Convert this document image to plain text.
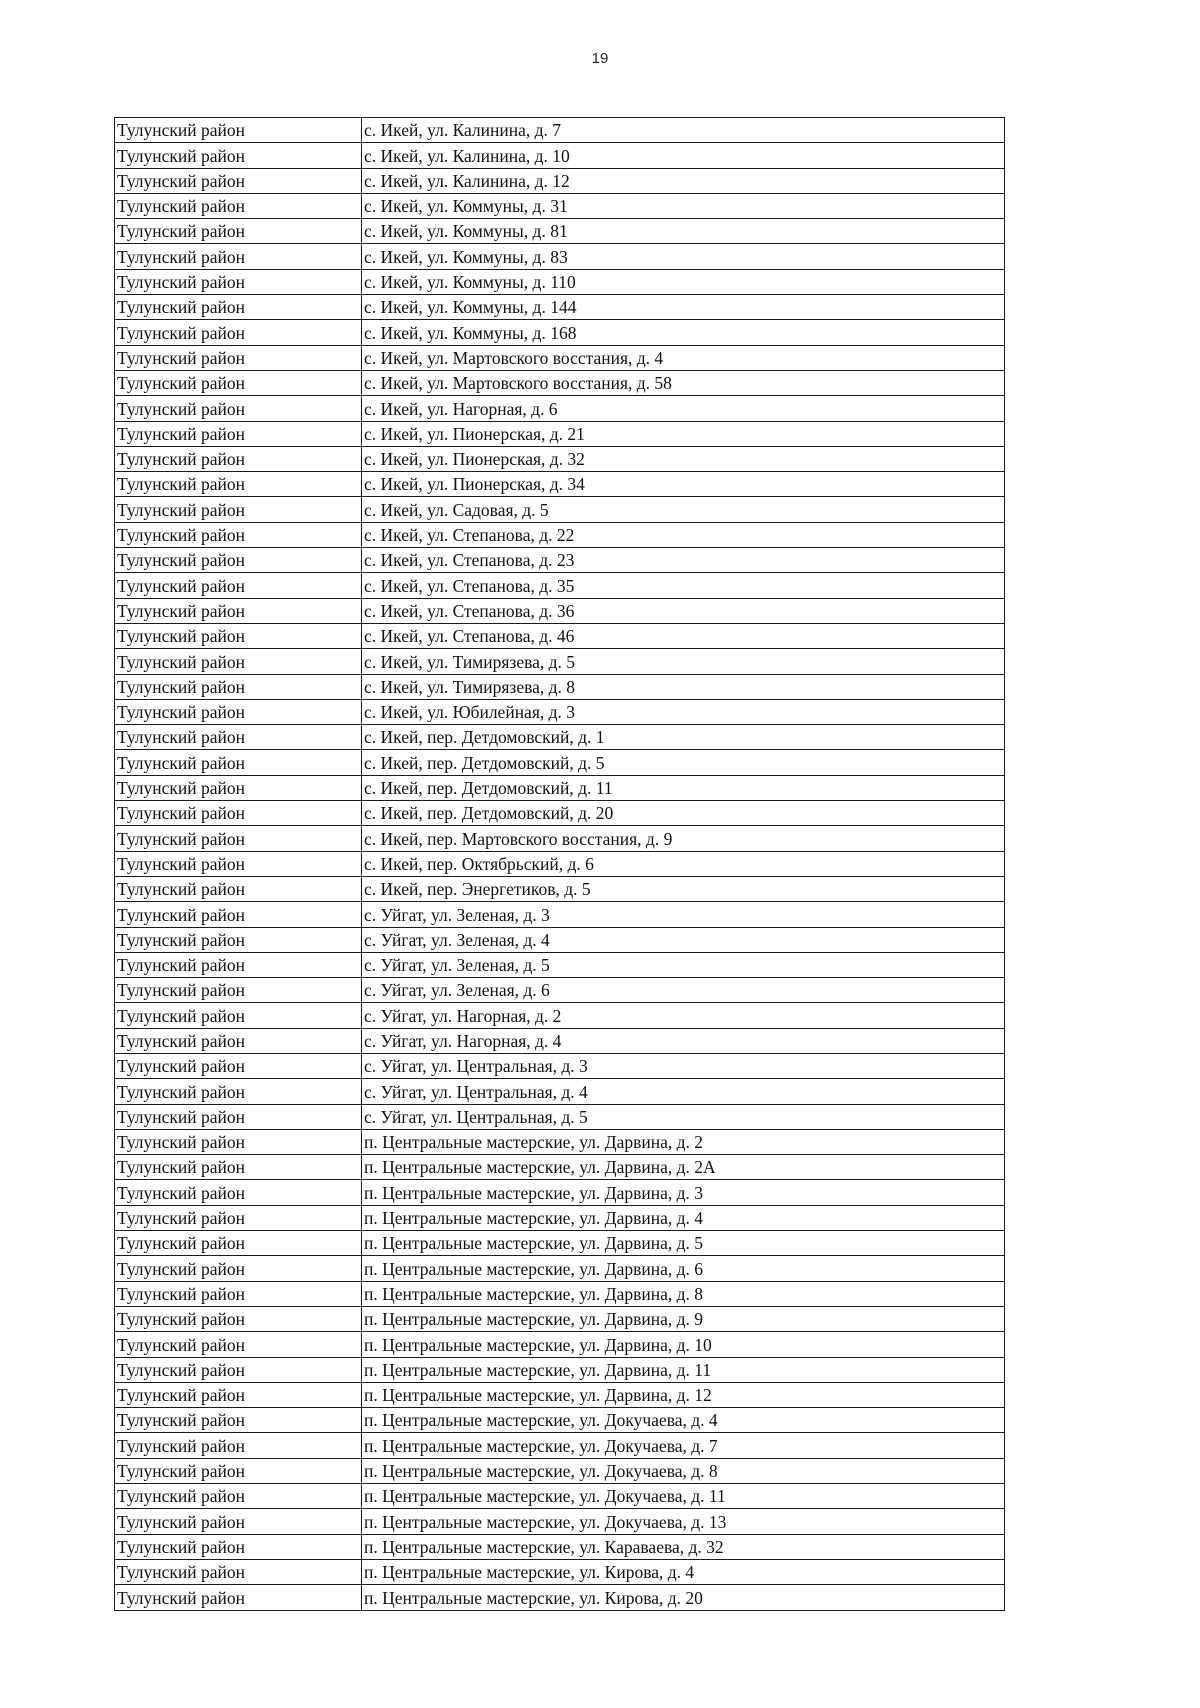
19
Тулунский район	с. Икей, ул. Калинина, д. 7
Тулунский район	с. Икей, ул. Калинина, д. 10
Тулунский район	с. Икей, ул. Калинина, д. 12
Тулунский район	с. Икей, ул. Коммуны, д. 31
Тулунский район	с. Икей, ул. Коммуны, д. 81
Тулунский район	с. Икей, ул. Коммуны, д. 83
Тулунский район	с. Икей, ул. Коммуны, д. 110
Тулунский район	с. Икей, ул. Коммуны, д. 144
Тулунский район	с. Икей, ул. Коммуны, д. 168
Тулунский район	с. Икей, ул. Мартовского восстания, д. 4
Тулунский район	с. Икей, ул. Мартовского восстания, д. 58
Тулунский район	с. Икей, ул. Нагорная, д. 6
Тулунский район	с. Икей, ул. Пионерская, д. 21
Тулунский район	с. Икей, ул. Пионерская, д. 32
Тулунский район	с. Икей, ул. Пионерская, д. 34
Тулунский район	с. Икей, ул. Садовая, д. 5
Тулунский район	с. Икей, ул. Степанова, д. 22
Тулунский район	с. Икей, ул. Степанова, д. 23
Тулунский район	с. Икей, ул. Степанова, д. 35
Тулунский район	с. Икей, ул. Степанова, д. 36
Тулунский район	с. Икей, ул. Степанова, д. 46
Тулунский район	с. Икей, ул. Тимирязева, д. 5
Тулунский район	с. Икей, ул. Тимирязева, д. 8
Тулунский район	с. Икей, ул. Юбилейная, д. 3
Тулунский район	с. Икей, пер. Детдомовский, д. 1
Тулунский район	с. Икей, пер. Детдомовский, д. 5
Тулунский район	с. Икей, пер. Детдомовский, д. 11
Тулунский район	с. Икей, пер. Детдомовский, д. 20
Тулунский район	с. Икей, пер. Мартовского восстания, д. 9
Тулунский район	с. Икей, пер. Октябрьский, д. 6
Тулунский район	с. Икей, пер. Энергетиков, д. 5
Тулунский район	с. Уйгат, ул. Зеленая, д. 3
Тулунский район	с. Уйгат, ул. Зеленая, д. 4
Тулунский район	с. Уйгат, ул. Зеленая, д. 5
Тулунский район	с. Уйгат, ул. Зеленая, д. 6
Тулунский район	с. Уйгат, ул. Нагорная, д. 2
Тулунский район	с. Уйгат, ул. Нагорная, д. 4
Тулунский район	с. Уйгат, ул. Центральная, д. 3
Тулунский район	с. Уйгат, ул. Центральная, д. 4
Тулунский район	с. Уйгат, ул. Центральная, д. 5
Тулунский район	п. Центральные мастерские, ул. Дарвина, д. 2
Тулунский район	п. Центральные мастерские, ул. Дарвина, д. 2А
Тулунский район	п. Центральные мастерские, ул. Дарвина, д. 3
Тулунский район	п. Центральные мастерские, ул. Дарвина, д. 4
Тулунский район	п. Центральные мастерские, ул. Дарвина, д. 5
Тулунский район	п. Центральные мастерские, ул. Дарвина, д. 6
Тулунский район	п. Центральные мастерские, ул. Дарвина, д. 8
Тулунский район	п. Центральные мастерские, ул. Дарвина, д. 9
Тулунский район	п. Центральные мастерские, ул. Дарвина, д. 10
Тулунский район	п. Центральные мастерские, ул. Дарвина, д. 11
Тулунский район	п. Центральные мастерские, ул. Дарвина, д. 12
Тулунский район	п. Центральные мастерские, ул. Докучаева, д. 4
Тулунский район	п. Центральные мастерские, ул. Докучаева, д. 7
Тулунский район	п. Центральные мастерские, ул. Докучаева, д. 8
Тулунский район	п. Центральные мастерские, ул. Докучаева, д. 11
Тулунский район	п. Центральные мастерские, ул. Докучаева, д. 13
Тулунский район	п. Центральные мастерские, ул. Караваева, д. 32
Тулунский район	п. Центральные мастерские, ул. Кирова, д. 4
Тулунский район	п. Центральные мастерские, ул. Кирова, д. 20
